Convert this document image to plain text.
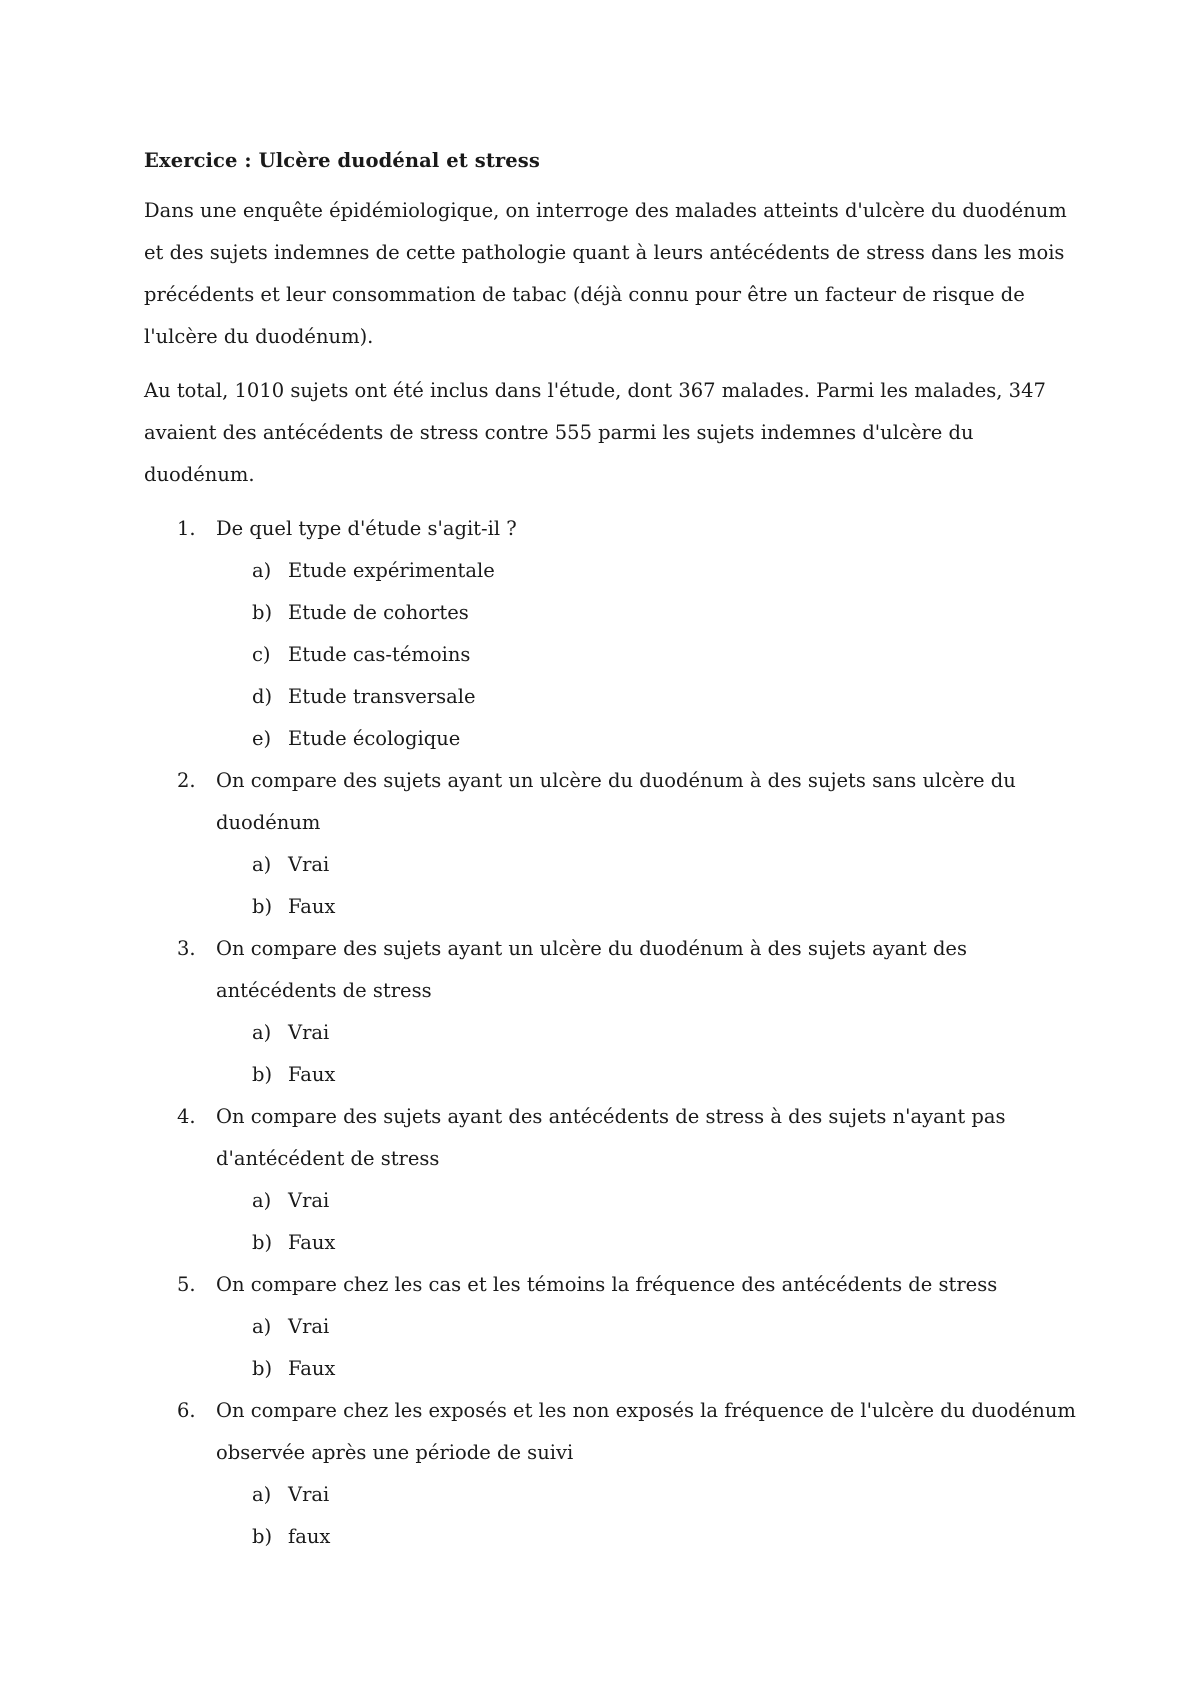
Exercice : Ulcère duodénal et stress

Dans une enquête épidémiologique, on interroge des malades atteints d'ulcère du duodénum et des sujets indemnes de cette pathologie quant à leurs antécédents de stress dans les mois précédents et leur consommation de tabac (déjà connu pour être un facteur de risque de l'ulcère du duodénum).

Au total, 1010 sujets ont été inclus dans l'étude, dont 367 malades. Parmi les malades, 347 avaient des antécédents de stress contre 555 parmi les sujets indemnes d'ulcère du duodénum.

1. De quel type d'étude s'agit-il ?
a) Etude expérimentale
b) Etude de cohortes
c) Etude cas-témoins
d) Etude transversale
e) Etude écologique
2. On compare des sujets ayant un ulcère du duodénum à des sujets sans ulcère du duodénum
a) Vrai
b) Faux
3. On compare des sujets ayant un ulcère du duodénum à des sujets ayant des antécédents de stress
a) Vrai
b) Faux
4. On compare des sujets ayant des antécédents de stress à des sujets n'ayant pas d'antécédent de stress
a) Vrai
b) Faux
5. On compare chez les cas et les témoins la fréquence des antécédents de stress
a) Vrai
b) Faux
6. On compare chez les exposés et les non exposés la fréquence de l'ulcère du duodénum observée après une période de suivi
a) Vrai
b) faux
